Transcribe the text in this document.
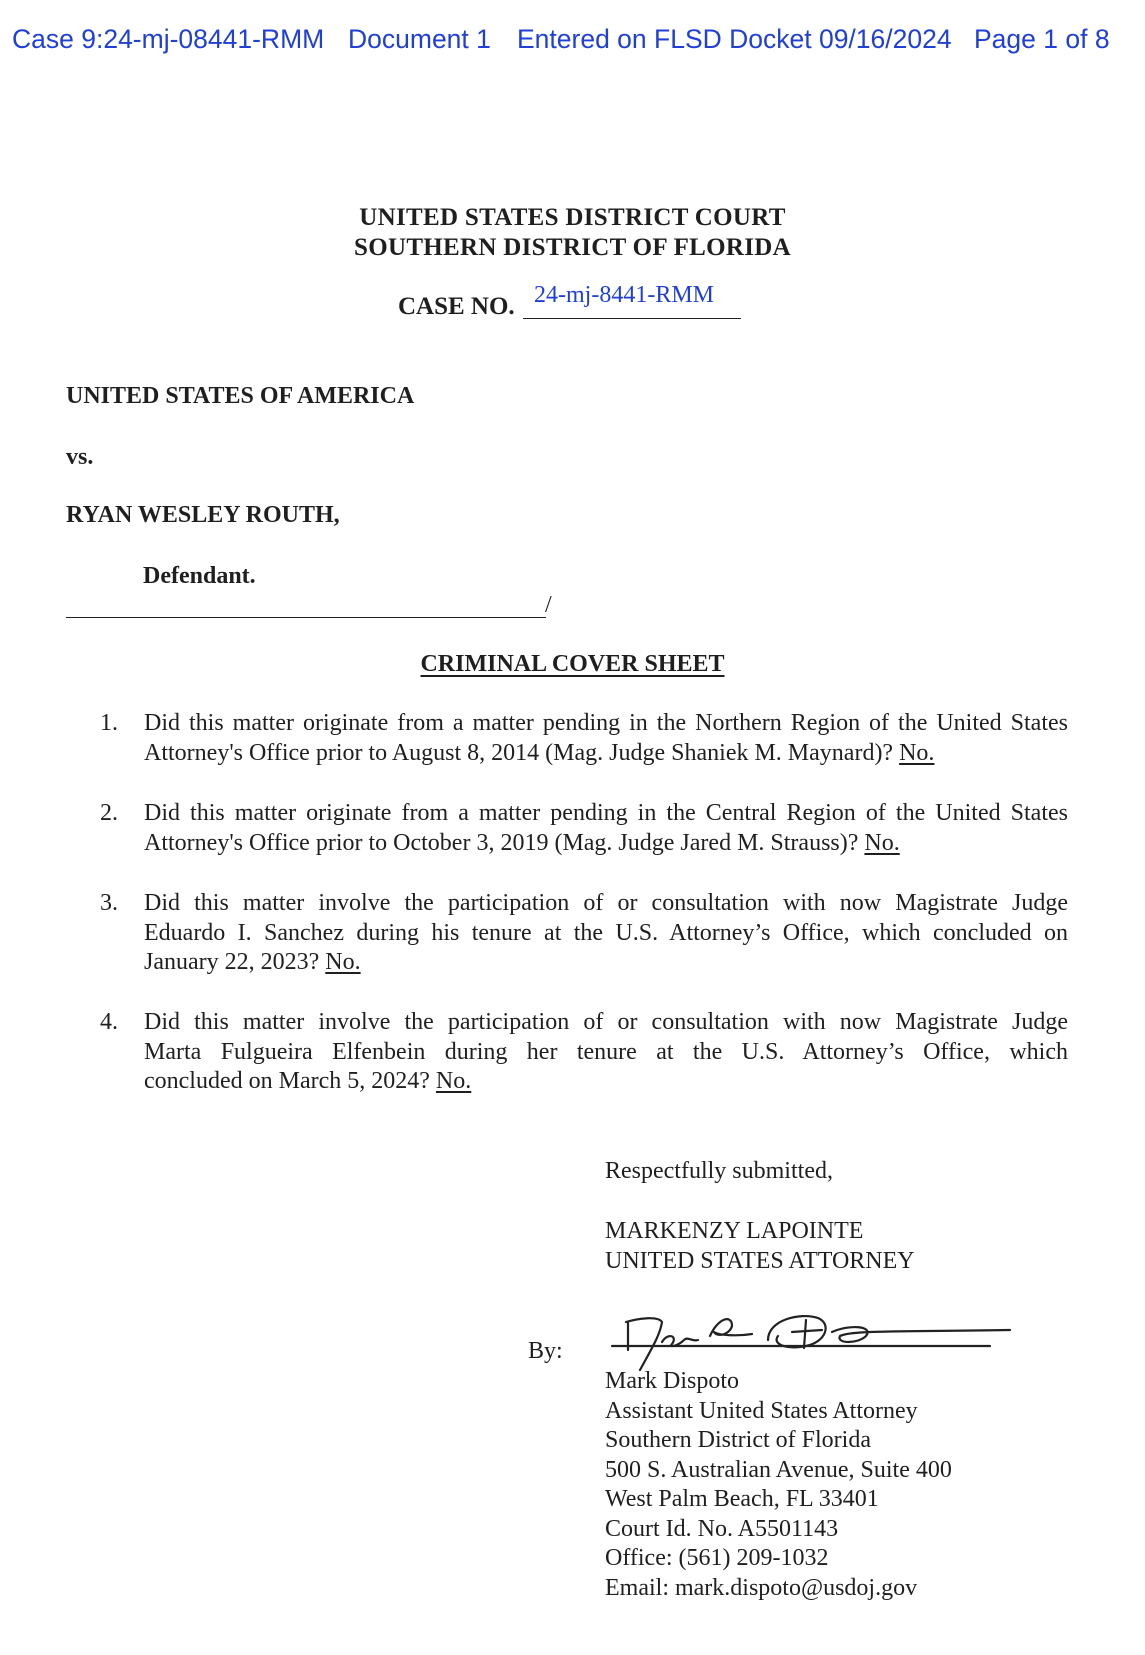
Case 9:24-mj-08441-RMM Document 1 Entered on FLSD Docket 09/16/2024 Page 1 of 8
UNITED STATES DISTRICT COURT
SOUTHERN DISTRICT OF FLORIDA
CASE NO. 24-mj-8441-RMM
UNITED STATES OF AMERICA
vs.
RYAN WESLEY ROUTH,
Defendant.
/
CRIMINAL COVER SHEET
1.	Did this matter originate from a matter pending in the Northern Region of the United States
Attorney's Office prior to August 8, 2014 (Mag. Judge Shaniek M. Maynard)? No.
2.	Did this matter originate from a matter pending in the Central Region of the United States
Attorney's Office prior to October 3, 2019 (Mag. Judge Jared M. Strauss)? No.
3.	Did this matter involve the participation of or consultation with now Magistrate Judge
Eduardo I. Sanchez during his tenure at the U.S. Attorney’s Office, which concluded on
January 22, 2023? No.
4.	Did this matter involve the participation of or consultation with now Magistrate Judge
Marta Fulgueira Elfenbein during her tenure at the U.S. Attorney’s Office, which
concluded on March 5, 2024? No.
Respectfully submitted,
MARKENZY LAPOINTE
UNITED STATES ATTORNEY
By:
Mark Dispoto
Assistant United States Attorney
Southern District of Florida
500 S. Australian Avenue, Suite 400
West Palm Beach, FL 33401
Court Id. No. A5501143
Office: (561) 209-1032
Email: mark.dispoto@usdoj.gov
